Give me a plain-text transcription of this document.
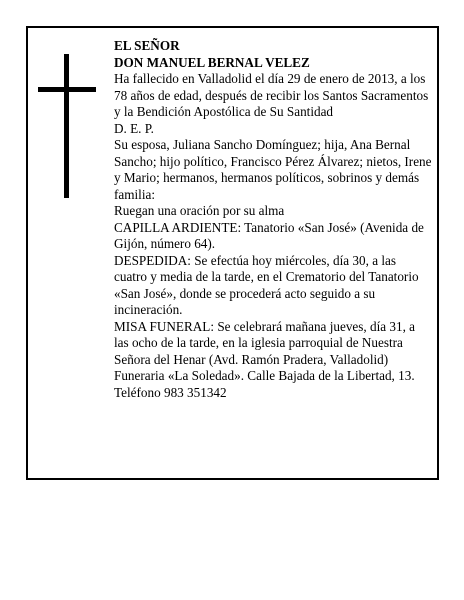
EL SEÑOR

DON MANUEL BERNAL VELEZ

Ha fallecido en Valladolid el día 29 de enero de 2013, a los 78 años de edad, después de recibir los Santos Sacramentos y la Bendición Apostólica de Su Santidad

D. E. P.

Su esposa, Juliana Sancho Domínguez; hija, Ana Bernal Sancho; hijo político, Francisco Pérez Álvarez; nietos, Irene y Mario; hermanos, hermanos políticos, sobrinos y demás familia:

Ruegan una oración por su alma

CAPILLA ARDIENTE: Tanatorio «San José» (Avenida de Gijón, número 64).

DESPEDIDA: Se efectúa hoy miércoles, día 30, a las cuatro y media de la tarde, en el Crematorio del Tanatorio «San José», donde se procederá acto seguido a su incineración.

MISA FUNERAL: Se celebrará mañana jueves, día 31, a las ocho de la tarde, en la iglesia parroquial de Nuestra Señora del Henar (Avd. Ramón Pradera, Valladolid)

Funeraria «La Soledad». Calle Bajada de la Libertad, 13.

Teléfono 983 351342
